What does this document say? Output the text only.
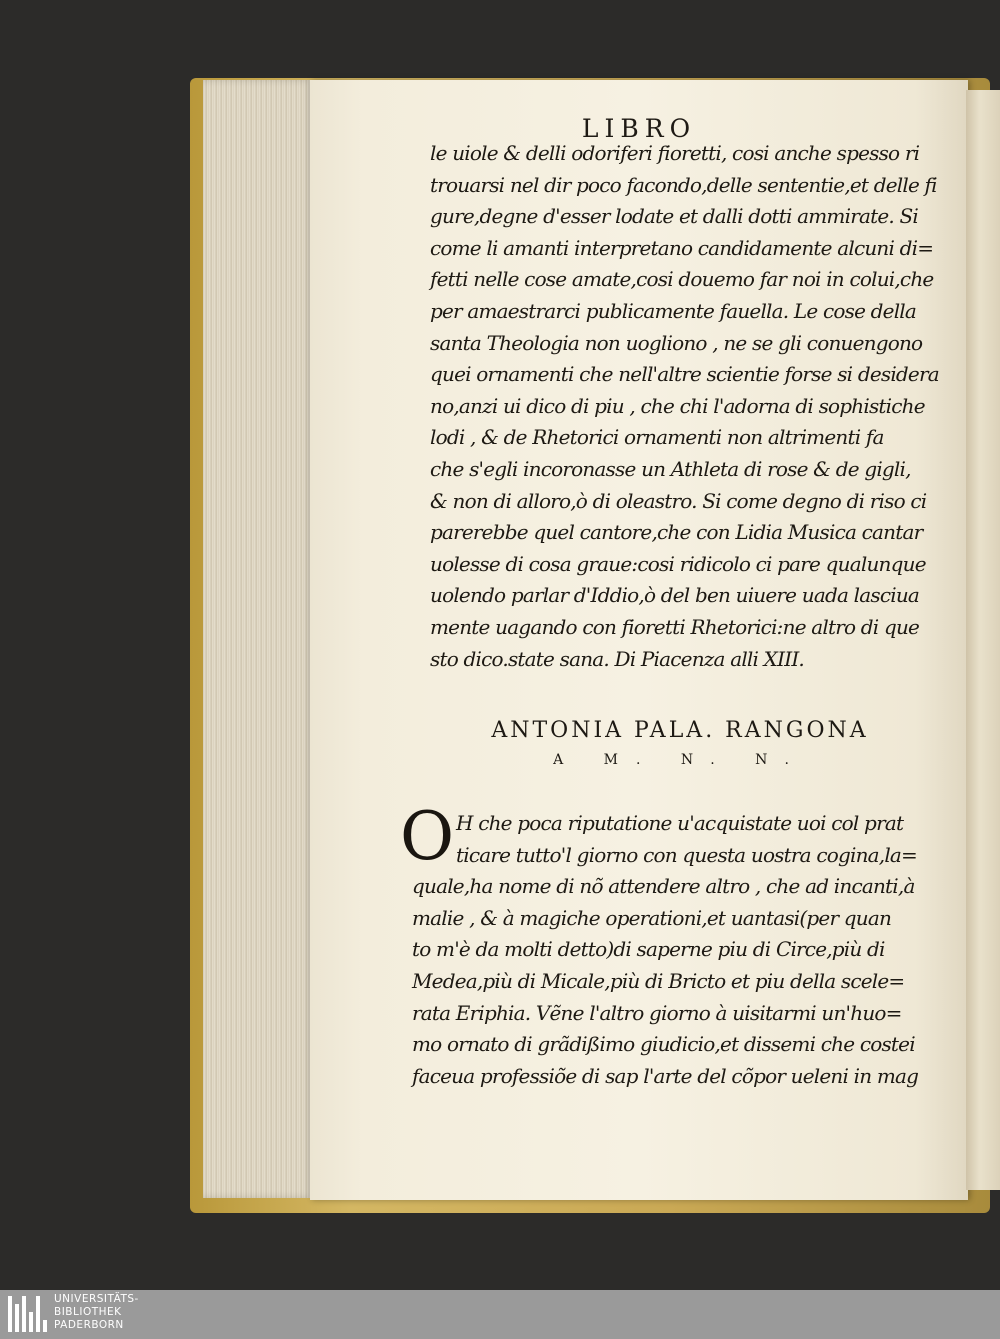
LIBRO
le uiole & delli odoriferi fioretti, cosi anche spesso ri
trouarsi nel dir poco facondo,delle sententie,et delle fi
gure,degne d'esser lodate et dalli dotti ammirate. Si
come li amanti interpretano candidamente alcuni di=
fetti nelle cose amate,cosi douemo far noi in colui,che
per amaestrarci publicamente fauella. Le cose della
santa Theologia non uogliono , ne se gli conuengono
quei ornamenti che nell'altre scientie forse si desidera
no,anzi ui dico di piu , che chi l'adorna di sophistiche
lodi , & de Rhetorici ornamenti non altrimenti fa
che s'egli incoronasse un Athleta di rose & de gigli,
& non di alloro,ò di oleastro. Si come degno di riso ci
parerebbe quel cantore,che con Lidia Musica cantar
uolesse di cosa graue:cosi ridicolo ci pare qualunque
uolendo parlar d'Iddio,ò del ben uiuere uada lasciua
mente uagando con fioretti Rhetorici:ne altro di que
sto dico.state sana. Di Piacenza alli XIII.
ANTONIA PALA. RANGONA
A M. N. N.
O H che poca riputatione u'acquistate uoi col prat
ticare tutto'l giorno con questa uostra cogina,la=
quale,ha nome di nõ attendere altro , che ad incanti,à
malie , & à magiche operationi,et uantasi(per quan
to m'è da molti detto)di saperne piu di Circe,più di
Medea,più di Micale,più di Bricto et piu della scele=
rata Eriphia. Vẽne l'altro giorno à uisitarmi un'huo=
mo ornato di grãdißimo giudicio,et dissemi che costei
faceua professiõe di sap l'arte del cõpor ueleni in mag
UNIVERSITÄTS-
BIBLIOTHEK
PADERBORN
